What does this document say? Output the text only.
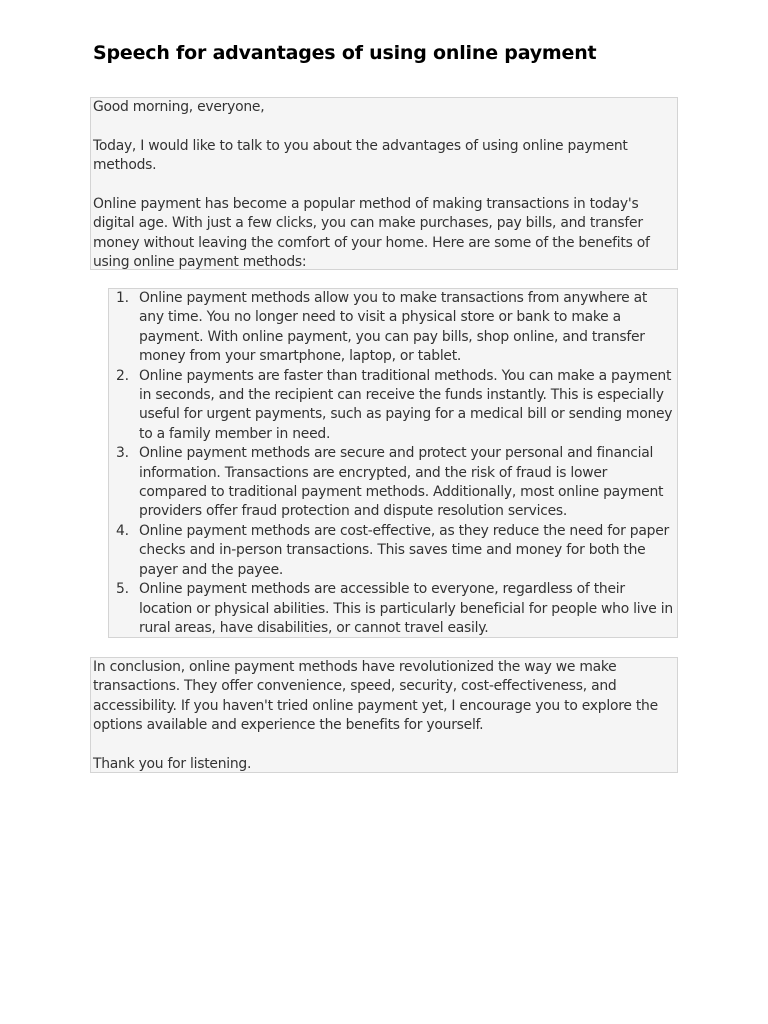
Speech for advantages of using online payment

Good morning, everyone,

Today, I would like to talk to you about the advantages of using online payment methods.

Online payment has become a popular method of making transactions in today's digital age. With just a few clicks, you can make purchases, pay bills, and transfer money without leaving the comfort of your home. Here are some of the benefits of using online payment methods:

1. Online payment methods allow you to make transactions from anywhere at any time. You no longer need to visit a physical store or bank to make a payment. With online payment, you can pay bills, shop online, and transfer money from your smartphone, laptop, or tablet.
2. Online payments are faster than traditional methods. You can make a payment in seconds, and the recipient can receive the funds instantly. This is especially useful for urgent payments, such as paying for a medical bill or sending money to a family member in need.
3. Online payment methods are secure and protect your personal and financial information. Transactions are encrypted, and the risk of fraud is lower compared to traditional payment methods. Additionally, most online payment providers offer fraud protection and dispute resolution services.
4. Online payment methods are cost-effective, as they reduce the need for paper checks and in-person transactions. This saves time and money for both the payer and the payee.
5. Online payment methods are accessible to everyone, regardless of their location or physical abilities. This is particularly beneficial for people who live in rural areas, have disabilities, or cannot travel easily.

In conclusion, online payment methods have revolutionized the way we make transactions. They offer convenience, speed, security, cost-effectiveness, and accessibility. If you haven't tried online payment yet, I encourage you to explore the options available and experience the benefits for yourself.

Thank you for listening.
